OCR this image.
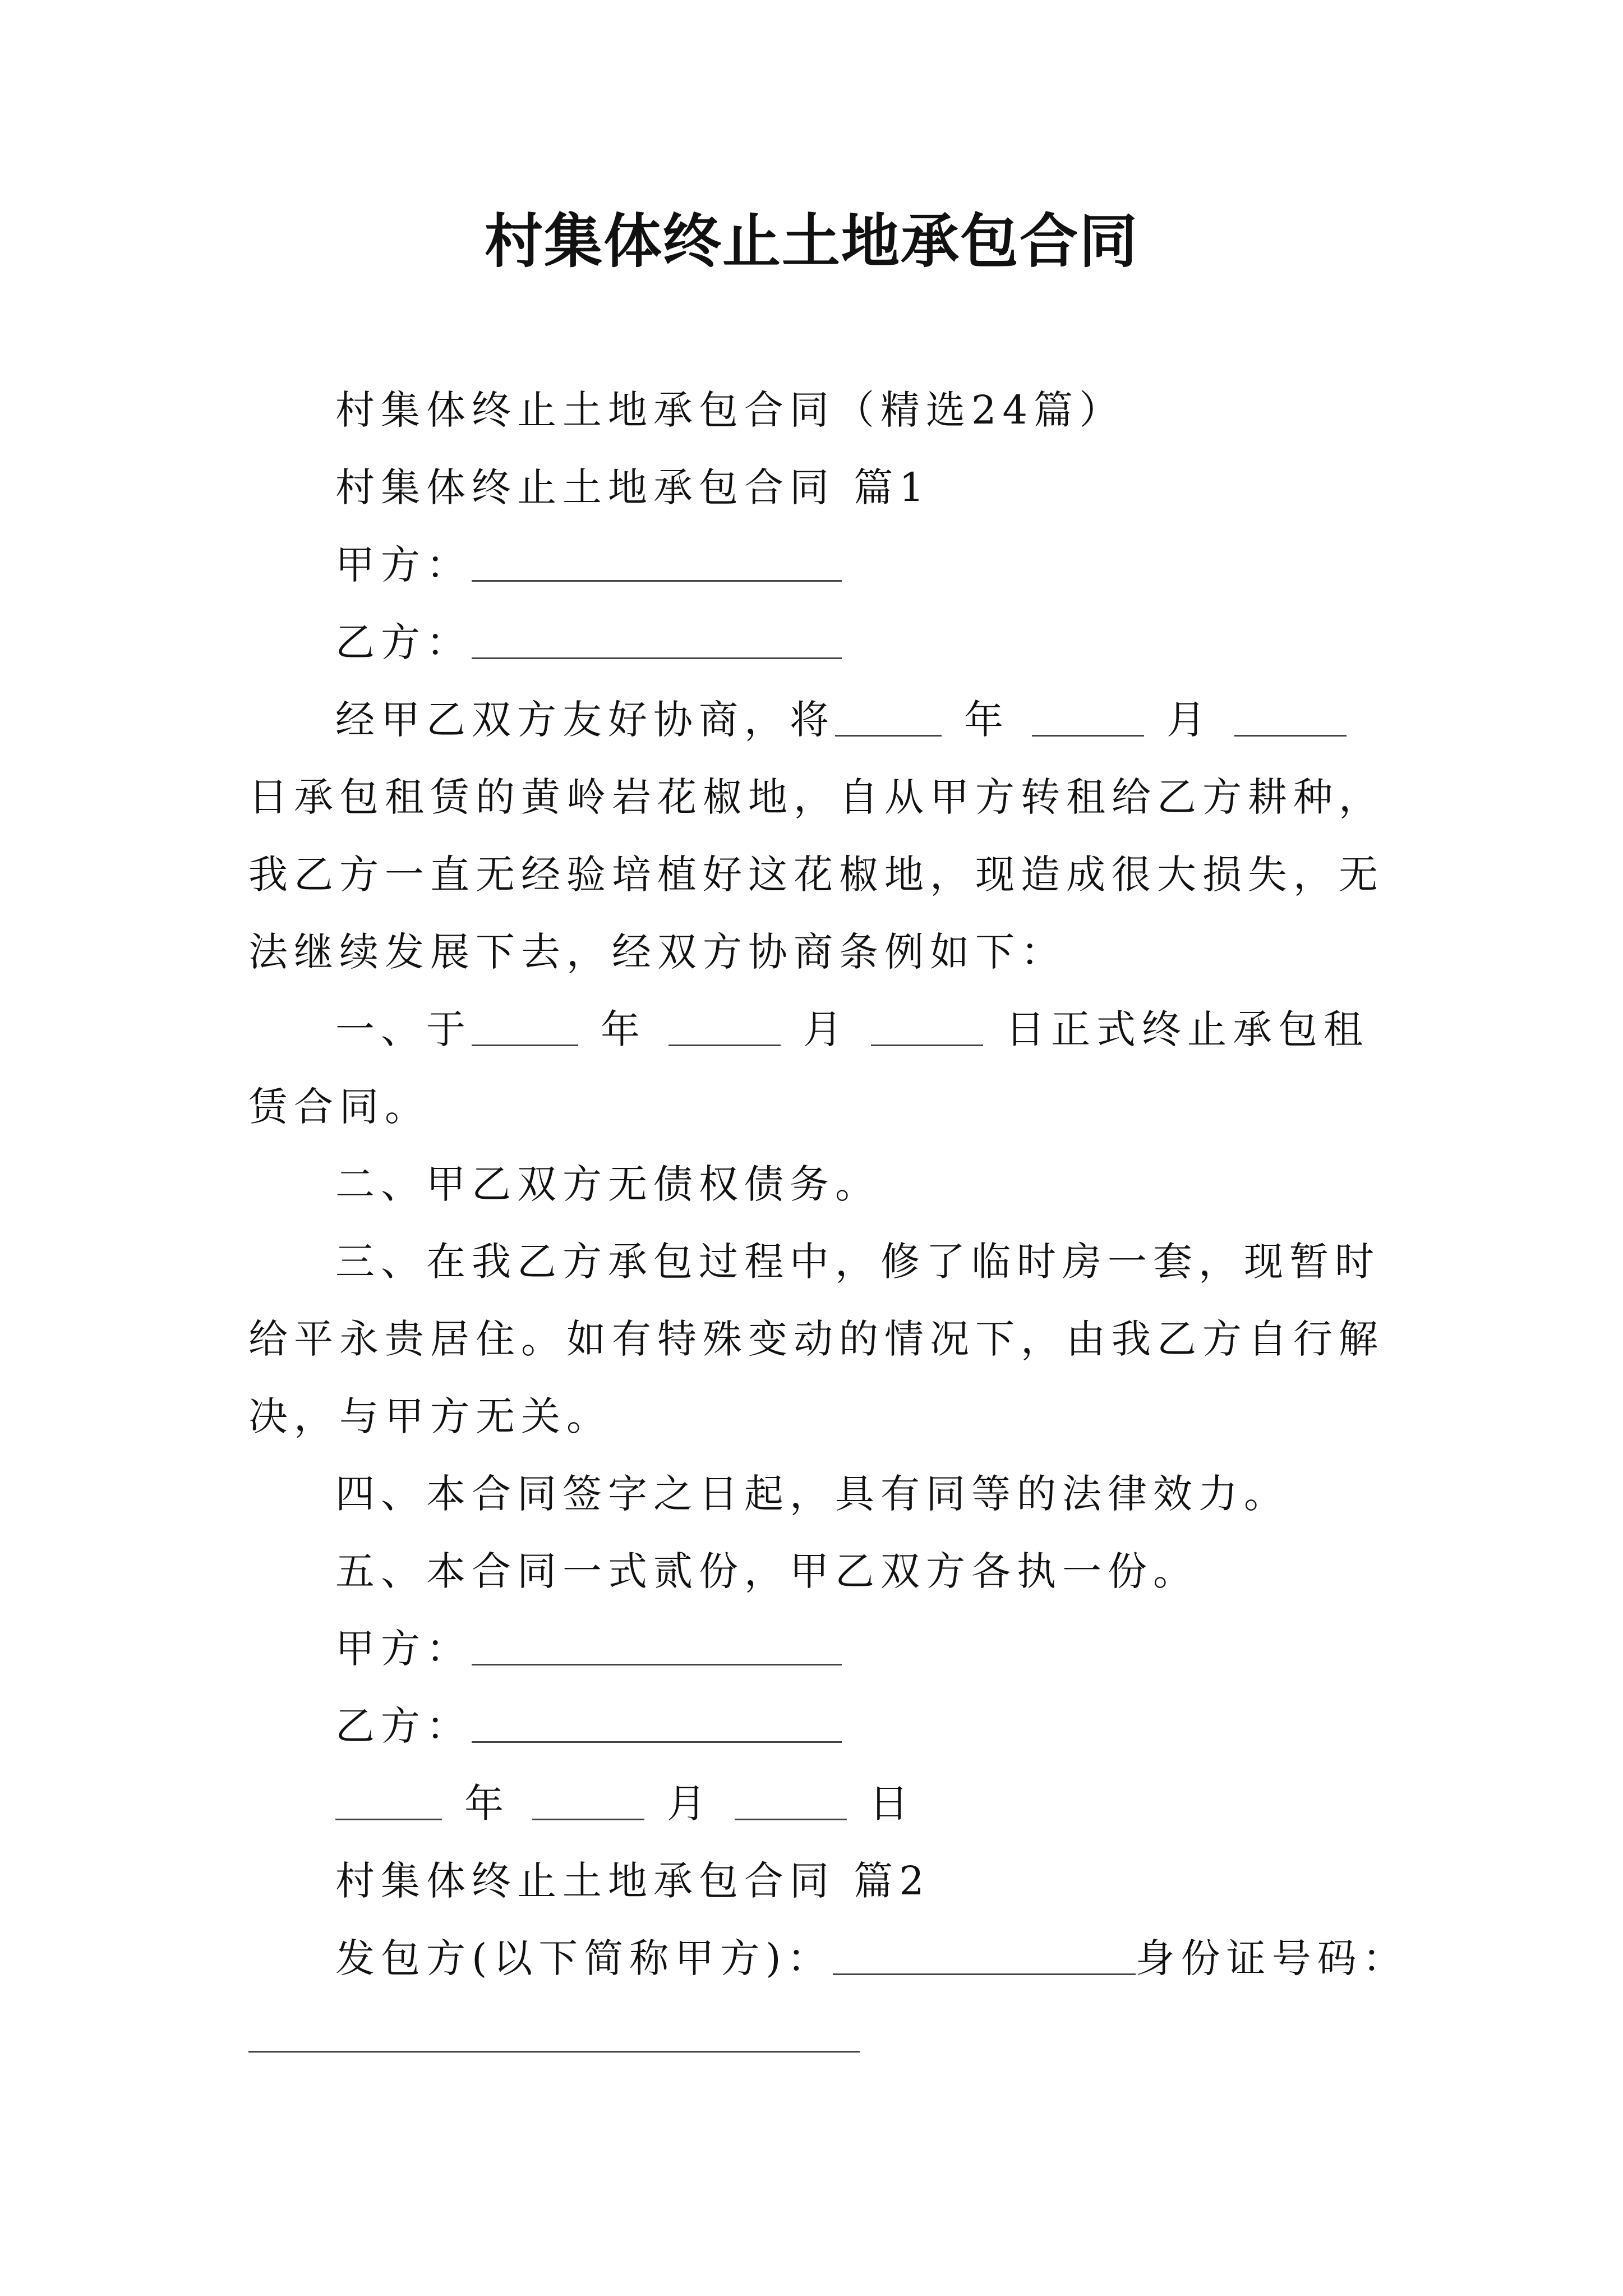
村集体终止土地承包合同

村集体终止土地承包合同（精选24篇）

村集体终止土地承包合同 篇1

甲方：

乙方：

经甲乙双方友好协商，将	年	月日承包租赁的黄岭岩花椒地，自从甲方转租给乙方耕种，我乙方一直无经验培植好这花椒地，现造成很大损失，无法继续发展下去，经双方协商条例如下：

一、于	年	月	日正式终止承包租赁合同。

二、甲乙双方无债权债务。

三、在我乙方承包过程中，修了临时房一套，现暂时给平永贵居住。如有特殊变动的情况下，由我乙方自行解决，与甲方无关。

四、本合同签字之日起，具有同等的法律效力。

五、本合同一式贰份，甲乙双方各执一份。

甲方：

乙方：

年	月	日

村集体终止土地承包合同 篇2

发包方(以下简称甲方)：	身份证号码：
